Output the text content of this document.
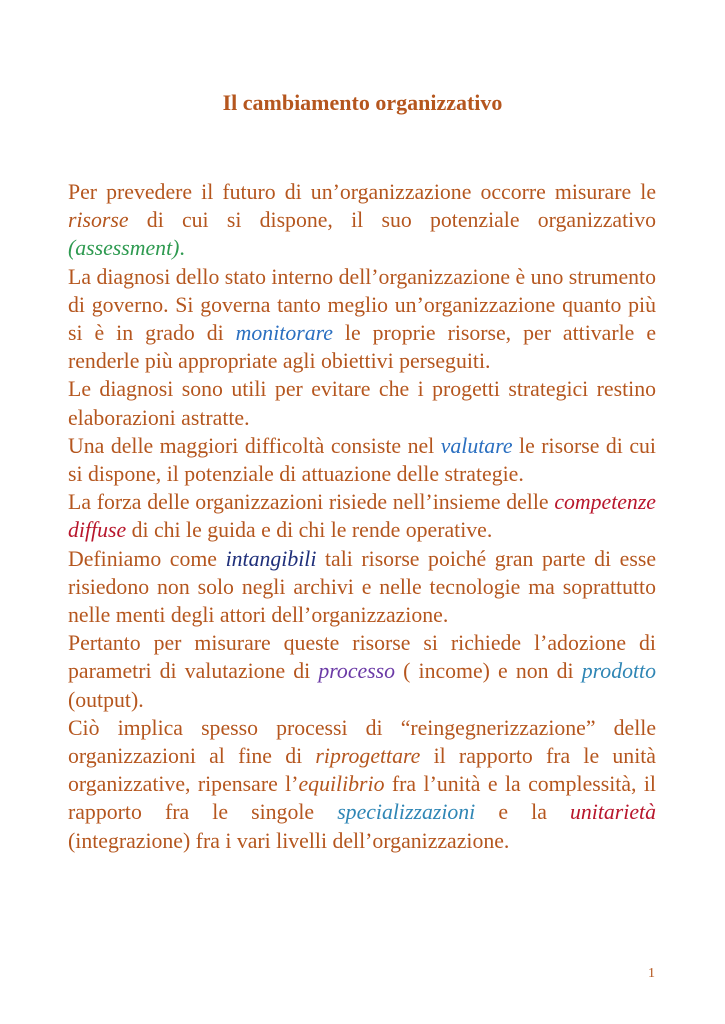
Il cambiamento organizzativo

Per prevedere il futuro di un’organizzazione occorre misurare le risorse di cui si dispone, il suo potenziale organizzativo (assessment).

La diagnosi dello stato interno dell’organizzazione è uno strumento di governo. Si governa tanto meglio un’organizzazione quanto più si è in grado di monitorare le proprie risorse, per attivarle e renderle più appropriate agli obiettivi perseguiti.

Le diagnosi sono utili per evitare che i progetti strategici restino elaborazioni astratte.

Una delle maggiori difficoltà consiste nel valutare le risorse di cui si dispone, il potenziale di attuazione delle strategie.

La forza delle organizzazioni risiede nell’insieme delle competenze diffuse di chi le guida e di chi le rende operative.

Definiamo come intangibili tali risorse poiché gran parte di esse risiedono non solo negli archivi e nelle tecnologie ma soprattutto nelle menti degli attori dell’organizzazione.

Pertanto per misurare queste risorse si richiede l’adozione di parametri di valutazione di processo ( income) e non di prodotto (output).

Ciò implica spesso processi di “reingegnerizzazione” delle organizzazioni al fine di riprogettare il rapporto fra le unità organizzative, ripensare l’equilibrio fra l’unità e la complessità, il rapporto fra le singole specializzazioni e la unitarietà (integrazione) fra i vari livelli dell’organizzazione.

1
